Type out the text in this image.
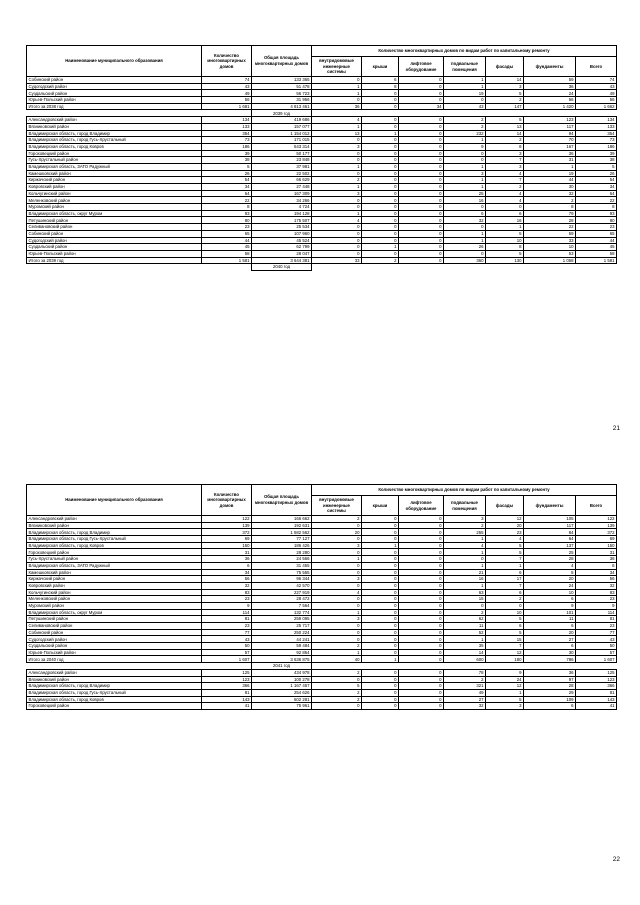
Наименование муниципального образования	Количество многоквартирных домов	Общая площадь многоквартирных домов	Количество многоквартирных домов по видам работ по капитальному ремонту						
			внутридомовые инженерные системы	крыши	лифтовое оборудование	подвальные помещения	фасады	фундаменты	Всего
Собинский район	74	133 365	0	6	0	1	14	59	74
Судогодский район	43	51 478	1	8	0	1	3	36	43
Суздальский район	49	56 723	1	0	0	19	5	24	49
Юрьев-Польский район	56	31 956	0	0	0	0	2	56	56
Итого за 2038 год	1 681	4 813 461	36	0	34	43	147	1 420	1 662
		2039 год							
Александровский район	134	419 686	4	0	0	2	5	123	134
Вязниковский район	133	157 077	1	0	0	2	13	117	133
Владимирская область, город Владимир	354	1 154 012	13	1	0	232	14	94	354
Владимирская область, город Гусь-Хрустальный	73	171 015	0	0	0	1	2	70	73
Владимирская область, город Ковров	186	543 314	3	0	0	9	8	167	186
Гороховецкий район	39	50 177	0	0	0	0	3	36	39
Гусь-Хрустальный район	38	23 848	0	0	0	0	7	31	38
Владимирская область, ЗАТО Радужный	5	37 981	1	0	0	1	3	1	5
Камешковский район	26	22 502	0	0	0	3	4	19	26
Киржачский район	54	66 629	2	0	0	1	7	44	54
Ковровский район	34	27 448	1	0	0	1	2	30	34
Кольчугинский район	64	167 309	3	0	0	25	4	32	64
Меленковский район	22	34 266	0	0	0	16	4	2	22
Муромский район	8	4 724	0	0	0	0	0	8	8
Владимирская область, округ Муром	93	194 128	1	0	0	6	6	79	93
Петушинский район	80	175 507	4	0	0	32	16	28	80
Селивановский район	23	25 534	0	0	0	0	1	22	23
Собинский район	65	107 960	0	0	0	1	5	59	65
Судогодский район	44	45 524	0	0	0	1	10	33	44
Суздальский район	45	62 799	0	1	0	26	8	10	45
Юрьев-Польский район	58	28 047	0	0	0	0	5	53	58
Итого за 2039 год	1 581	3 644 381	33	2	0	360	130	1 058	1 581
		2040 год							
21
Наименование муниципального образования	Количество многоквартирных домов	Общая площадь многоквартирных домов	Количество многоквартирных домов по видам работ по капитальному ремонту						
			внутридомовые инженерные системы	крыши	лифтовое оборудование	подвальные помещения	фасады	фундаменты	Всего
Александровский район	122	166 662	2	0	0	3	12	105	122
Вязниковский район	139	192 631	0	0	0	2	20	117	139
Владимирская область, город Владимир	372	1 582 562	20	0	0	255	23	84	372
Владимирская область, город Гусь-Хрустальный	69	77 127	0	0	0	1	4	64	69
Владимирская область, город Ковров	150	186 426	3	1	0	4	5	137	150
Гороховецкий район	31	28 280	0	0	0	1	5	25	31
Гусь-Хрустальный район	36	24 566	1	0	0	0	7	28	36
Владимирская область, ЗАТО Радужный	6	31 455	0	0	0	1	1	4	6
Камешковский район	34	75 555	0	0	0	21	6	5	34
Киржачский район	56	96 344	3	0	0	16	17	20	56
Ковровский район	32	42 570	0	0	0	1	7	24	32
Кольчугинский район	83	227 919	4	0	0	63	6	10	83
Меленковский район	23	28 472	0	0	0	15	2	6	23
Муромский район	9	7 564	0	0	0	0	0	9	9
Владимирская область, округ Муром	114	132 774	1	0	0	2	10	101	114
Петушинский район	81	259 095	3	0	0	62	5	11	81
Селивановский район	23	25 717	0	0	0	11	6	6	23
Собинский район	77	250 224	0	0	0	52	5	20	77
Судогодский район	43	44 241	0	0	0	1	15	27	43
Суздальский район	50	59 484	2	0	0	35	7	6	50
Юрьев-Польский район	57	92 854	1	0	0	14	12	30	57
Итого за 2040 год	1 607	3 636 875	40	1	0	600	180	786	1 607
		2041 год							
Александровский район	125	434 978	2	0	0	78	9	36	125
Вязниковский район	123	100 278	0	0	0	2	24	97	123
Владимирская область, город Владимир	366	1 167 457	5	0	0	321	12	28	366
Владимирская область, город Гусь-Хрустальный	81	254 626	2	0	0	49	1	29	81
Владимирская область, город Ковров	143	602 281	2	0	0	27	5	109	143
Гороховецкий район	41	75 961	0	0	0	32	3	6	41
22
